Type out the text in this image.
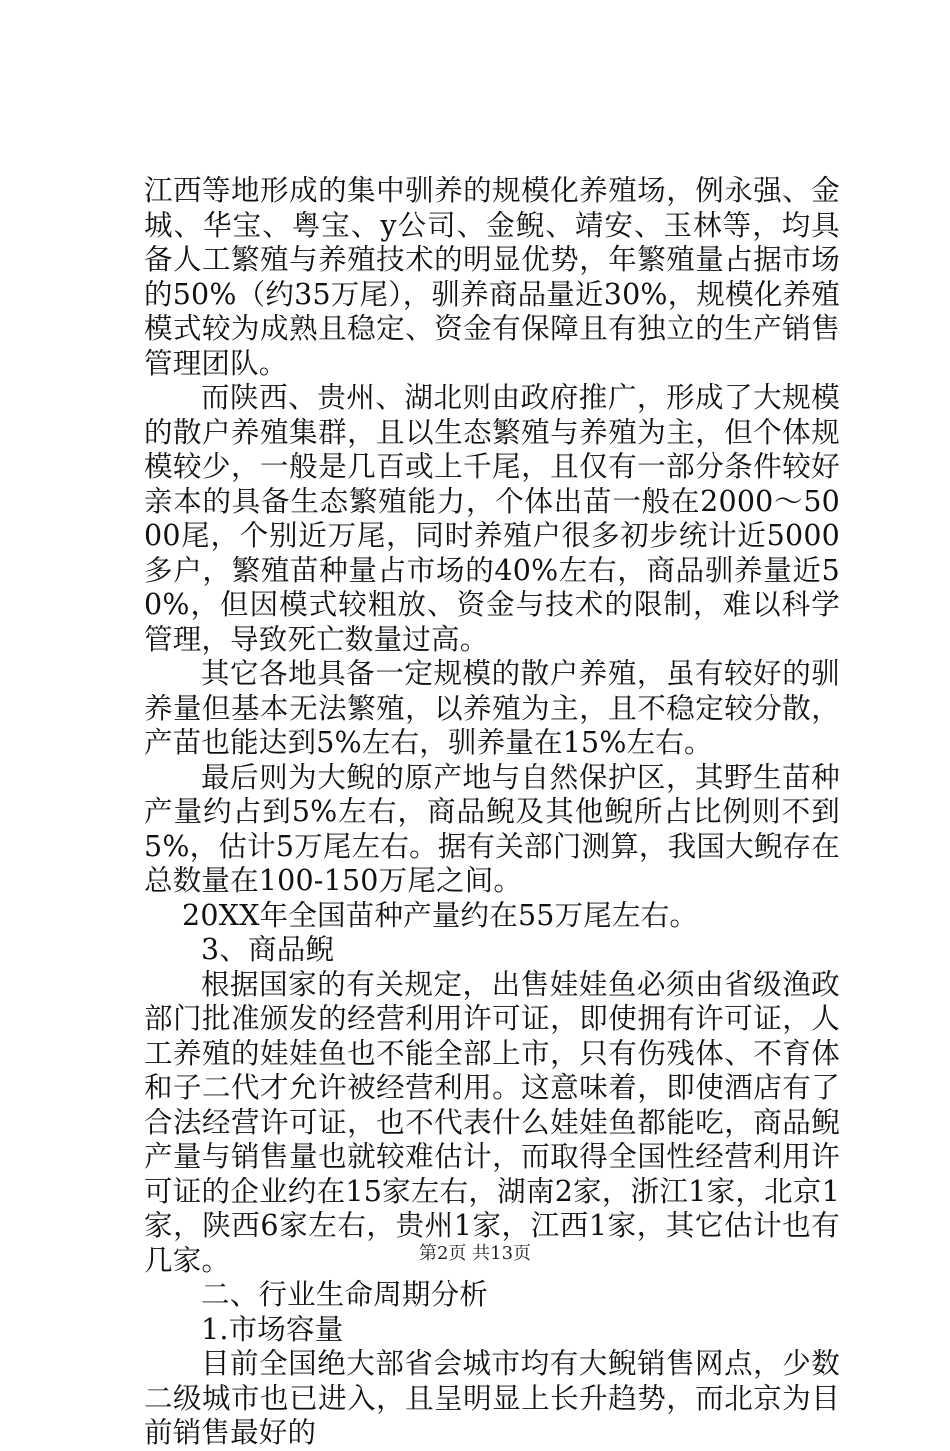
江西等地形成的集中驯养的规模化养殖场，例永强、金城、华宝、粤宝、y公司、金鲵、靖安、玉林等，均具备人工繁殖与养殖技术的明显优势，年繁殖量占据市场的50%（约35万尾），驯养商品量近30%，规模化养殖模式较为成熟且稳定、资金有保障且有独立的生产销售管理团队。

而陕西、贵州、湖北则由政府推广，形成了大规模的散户养殖集群，且以生态繁殖与养殖为主，但个体规模较少，一般是几百或上千尾，且仅有一部分条件较好亲本的具备生态繁殖能力，个体出苗一般在2000～5000尾，个别近万尾，同时养殖户很多初步统计近5000多户，繁殖苗种量占市场的40%左右，商品驯养量近50%，但因模式较粗放、资金与技术的限制，难以科学管理，导致死亡数量过高。

其它各地具备一定规模的散户养殖，虽有较好的驯养量但基本无法繁殖，以养殖为主，且不稳定较分散，产苗也能达到5%左右，驯养量在15%左右。

最后则为大鲵的原产地与自然保护区，其野生苗种产量约占到5%左右，商品鲵及其他鲵所占比例则不到5%，估计5万尾左右。据有关部门测算，我国大鲵存在总数量在100-150万尾之间。

20XX年全国苗种产量约在55万尾左右。

3、商品鲵

根据国家的有关规定，出售娃娃鱼必须由省级渔政部门批准颁发的经营利用许可证，即使拥有许可证，人工养殖的娃娃鱼也不能全部上市，只有伤残体、不育体和子二代才允许被经营利用。这意味着，即使酒店有了合法经营许可证，也不代表什么娃娃鱼都能吃，商品鲵产量与销售量也就较难估计，而取得全国性经营利用许可证的企业约在15家左右，湖南2家，浙江1家，北京1家，陕西6家左右，贵州1家，江西1家，其它估计也有几家。

二、行业生命周期分析

1.市场容量

目前全国绝大部省会城市均有大鲵销售网点，少数二级城市也已进入，且呈明显上长升趋势，而北京为目前销售最好的

第2页 共13页
